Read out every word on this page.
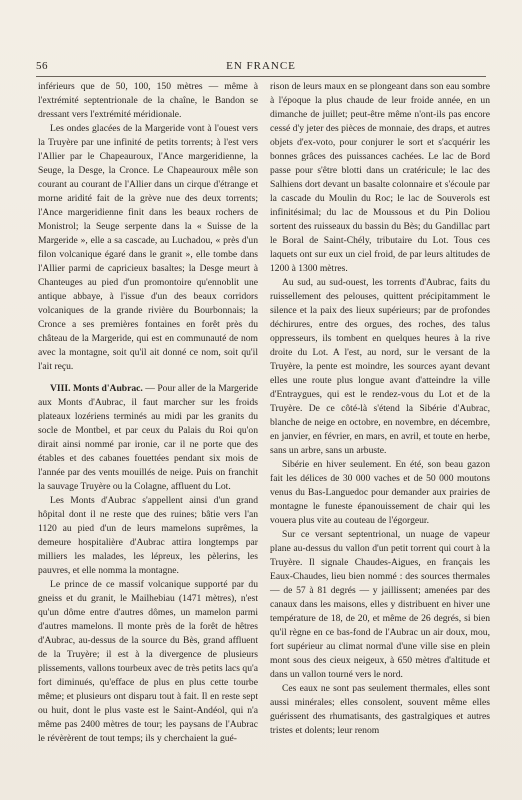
56	EN FRANCE

inférieurs que de 50, 100, 150 mètres — même à l'extrémité septentrionale de la chaîne, le Bandon se dressant vers l'extrémité méridionale.

Les ondes glacées de la Margeride vont à l'ouest vers la Truyère par une infinité de petits torrents; à l'est vers l'Allier par le Chapeauroux, l'Ance margeridienne, la Seuge, la Desge, la Cronce. Le Chapeauroux mêle son courant au courant de l'Allier dans un cirque d'étrange et morne aridité fait de la grève nue des deux torrents; l'Ance margeridienne finit dans les beaux rochers de Monistrol; la Seuge serpente dans la « Suisse de la Margeride », elle a sa cascade, au Luchadou, « près d'un filon volcanique égaré dans le granit », elle tombe dans l'Allier parmi de capricieux basaltes; la Desge meurt à Chanteuges au pied d'un promontoire qu'ennoblit une antique abbaye, à l'issue d'un des beaux corridors volcaniques de la grande rivière du Bourbonnais; la Cronce a ses premières fontaines en forêt près du château de la Margeride, qui est en communauté de nom avec la montagne, soit qu'il ait donné ce nom, soit qu'il l'ait reçu.

VIII. Monts d'Aubrac. — Pour aller de la Margeride aux Monts d'Aubrac, il faut marcher sur les froids plateaux lozériens terminés au midi par les granits du socle de Montbel, et par ceux du Palais du Roi qu'on dirait ainsi nommé par ironie, car il ne porte que des étables et des cabanes fouettées pendant six mois de l'année par des vents mouillés de neige. Puis on franchit la sauvage Truyère ou la Colagne, affluent du Lot.

Les Monts d'Aubrac s'appellent ainsi d'un grand hôpital dont il ne reste que des ruines; bâtie vers l'an 1120 au pied d'un de leurs mamelons suprêmes, la demeure hospitalière d'Aubrac attira longtemps par milliers les malades, les lépreux, les pèlerins, les pauvres, et elle nomma la montagne.

Le prince de ce massif volcanique supporté par du gneiss et du granit, le Mailhebiau (1471 mètres), n'est qu'un dôme entre d'autres dômes, un mamelon parmi d'autres mamelons. Il monte près de la forêt de hêtres d'Aubrac, au-dessus de la source du Bès, grand affluent de la Truyère; il est à la divergence de plusieurs plissements, vallons tourbeux avec de très petits lacs qu'a fort diminués, qu'efface de plus en plus cette tourbe même; et plusieurs ont disparu tout à fait. Il en reste sept ou huit, dont le plus vaste est le Saint-Andéol, qui n'a même pas 2400 mètres de tour; les paysans de l'Aubrac le révèrèrent de tout temps; ils y cherchaient la gué-

rison de leurs maux en se plongeant dans son eau sombre à l'époque la plus chaude de leur froide année, en un dimanche de juillet; peut-être même n'ont-ils pas encore cessé d'y jeter des pièces de monnaie, des draps, et autres objets d'ex-voto, pour conjurer le sort et s'acquérir les bonnes grâces des puissances cachées. Le lac de Bord passe pour s'être blotti dans un cratéricule; le lac des Salhiens dort devant un basalte colonnaire et s'écoule par la cascade du Moulin du Roc; le lac de Souverols est infinitésimal; du lac de Moussous et du Pin Doliou sortent des ruisseaux du bassin du Bès; du Gandillac part le Boral de Saint-Chély, tributaire du Lot. Tous ces laquets ont sur eux un ciel froid, de par leurs altitudes de 1200 à 1300 mètres.

Au sud, au sud-ouest, les torrents d'Aubrac, faits du ruissellement des pelouses, quittent précipitamment le silence et la paix des lieux supérieurs; par de profondes déchirures, entre des orgues, des roches, des talus oppresseurs, ils tombent en quelques heures à la rive droite du Lot. A l'est, au nord, sur le versant de la Truyère, la pente est moindre, les sources ayant devant elles une route plus longue avant d'atteindre la ville d'Entraygues, qui est le rendez-vous du Lot et de la Truyère. De ce côté-là s'étend la Sibérie d'Aubrac, blanche de neige en octobre, en novembre, en décembre, en janvier, en février, en mars, en avril, et toute en herbe, sans un arbre, sans un arbuste.

Sibérie en hiver seulement. En été, son beau gazon fait les délices de 30 000 vaches et de 50 000 moutons venus du Bas-Languedoc pour demander aux prairies de montagne le funeste épanouissement de chair qui les vouera plus vite au couteau de l'égorgeur.

Sur ce versant septentrional, un nuage de vapeur plane au-dessus du vallon d'un petit torrent qui court à la Truyère. Il signale Chaudes-Aigues, en français les Eaux-Chaudes, lieu bien nommé : des sources thermales — de 57 à 81 degrés — y jaillissent; amenées par des canaux dans les maisons, elles y distribuent en hiver une température de 18, de 20, et même de 26 degrés, si bien qu'il règne en ce bas-fond de l'Aubrac un air doux, mou, fort supérieur au climat normal d'une ville sise en plein mont sous des cieux neigeux, à 650 mètres d'altitude et dans un vallon tourné vers le nord.

Ces eaux ne sont pas seulement thermales, elles sont aussi minérales; elles consolent, souvent même elles guérissent des rhumatisants, des gastralgiques et autres tristes et dolents; leur renom
